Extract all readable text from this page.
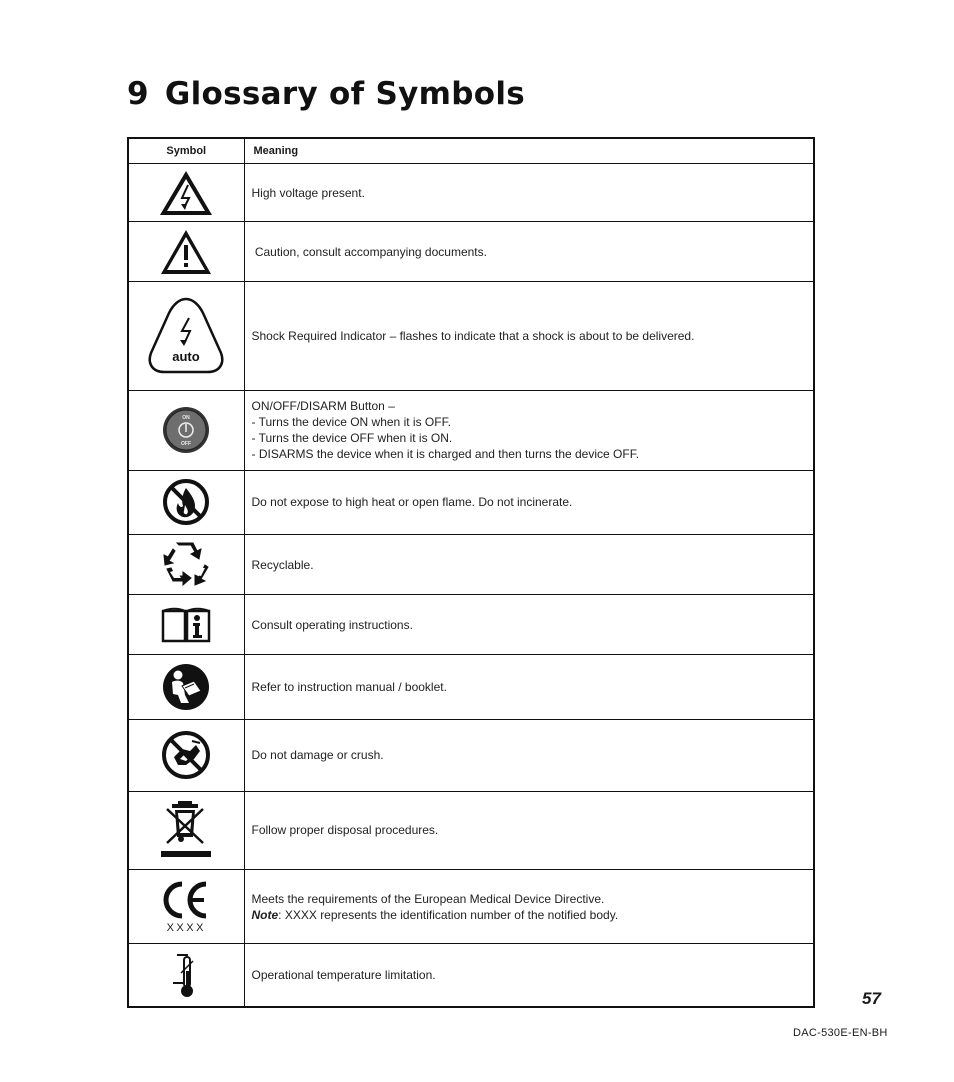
9 Glossary of Symbols
Symbol	Meaning

	High voltage present.

	Caution, consult accompanying documents.

auto	Shock Required Indicator – flashes to indicate that a shock is about to be delivered.

ON
OFF	ON/OFF/DISARM Button –
- Turns the device ON when it is OFF.
- Turns the device OFF when it is ON.
- DISARMS the device when it is charged and then turns the device OFF.

	Do not expose to high heat or open flame. Do not incinerate.

	Recyclable.

	Consult operating instructions.

	Refer to instruction manual / booklet.

	Do not damage or crush.

	Follow proper disposal procedures.

XXXX	Meets the requirements of the European Medical Device Directive.
Note: XXXX represents the identification number of the notified body.

	Operational temperature limitation.
57
DAC-530E-EN-BH
